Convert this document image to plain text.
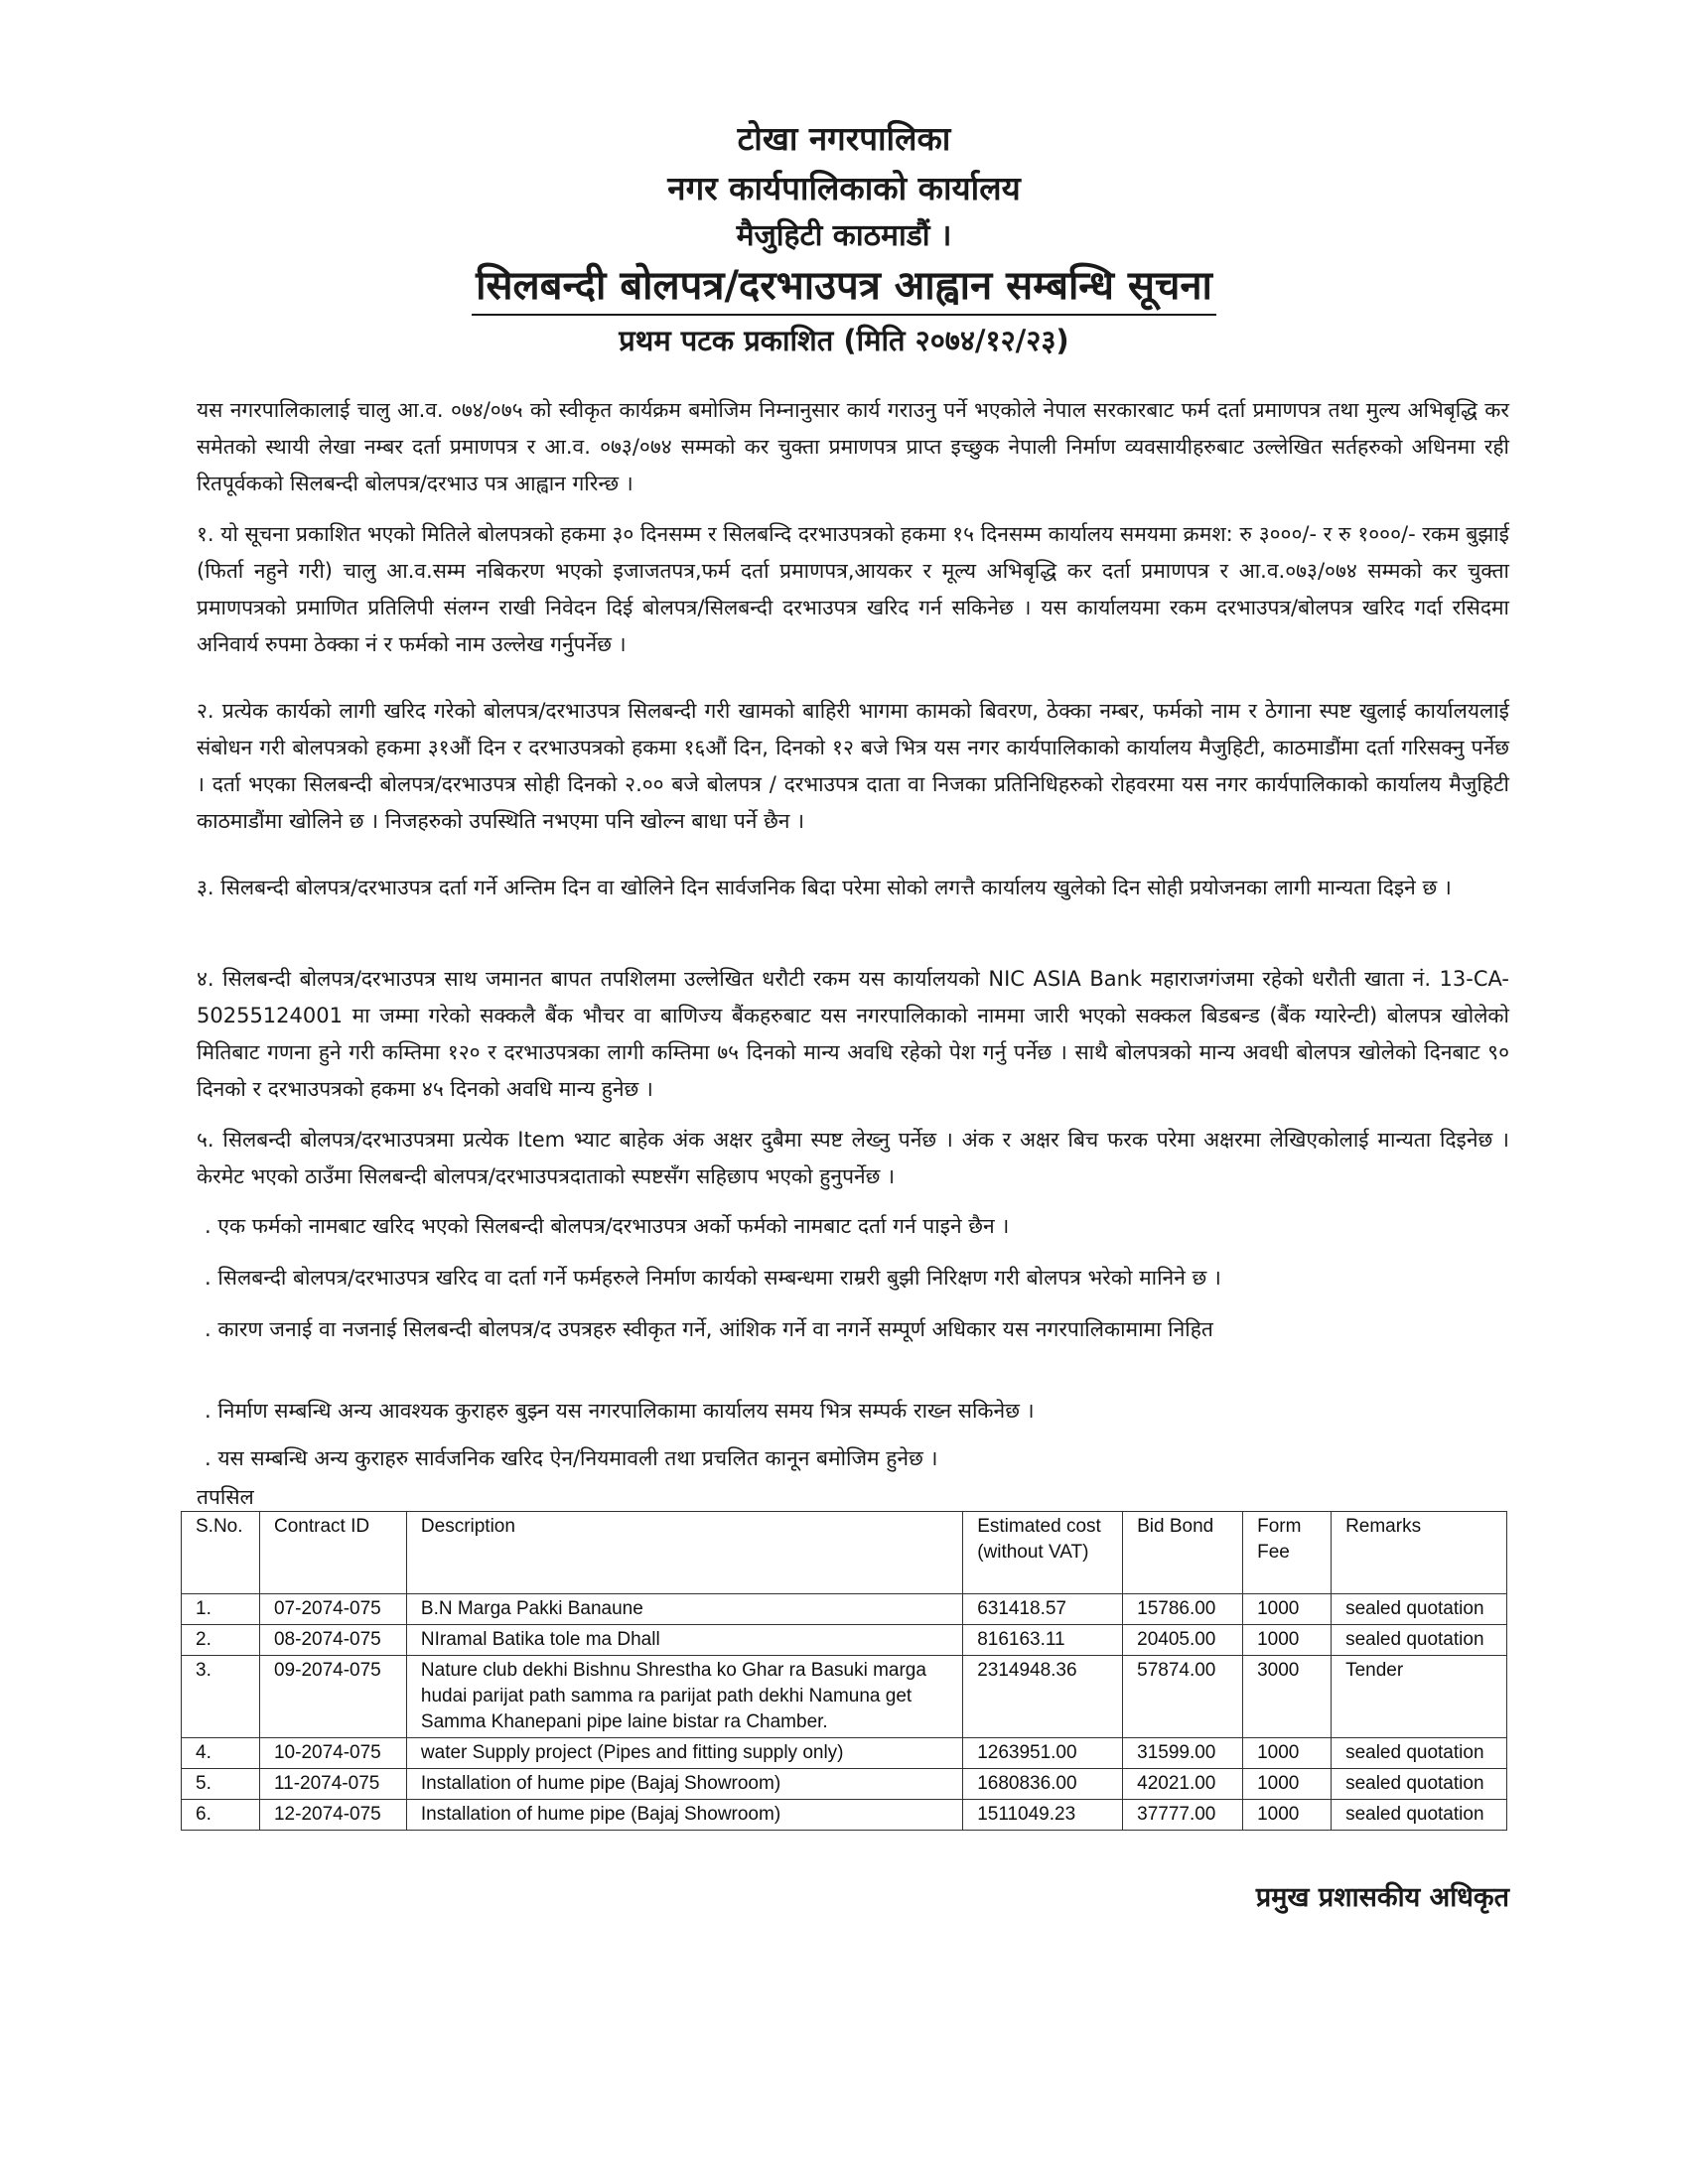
टोखा नगरपालिका
नगर कार्यपालिकाको कार्यालय
मैजुहिटी काठमाडौं ।
सिलबन्दी बोलपत्र/दरभाउपत्र आह्वान सम्बन्धि सूचना
प्रथम पटक प्रकाशित (मिति २०७४/१२/२३)

यस नगरपालिकालाई चालु आ.व. ०७४/०७५ को स्वीकृत कार्यक्रम बमोजिम निम्नानुसार कार्य गराउनु पर्ने भएकोले नेपाल सरकारबाट फर्म दर्ता प्रमाणपत्र तथा मुल्य अभिबृद्धि कर समेतको स्थायी लेखा नम्बर दर्ता प्रमाणपत्र र आ.व. ०७३/०७४ सम्मको कर चुक्ता प्रमाणपत्र प्राप्त इच्छुक नेपाली निर्माण व्यवसायीहरुबाट उल्लेखित सर्तहरुको अधिनमा रही रितपूर्वकको सिलबन्दी बोलपत्र/दरभाउ पत्र आह्वान गरिन्छ ।

१. यो सूचना प्रकाशित भएको मितिले बोलपत्रको हकमा ३० दिनसम्म र सिलबन्दि दरभाउपत्रको हकमा १५ दिनसम्म कार्यालय समयमा क्रमश: रु ३०००/- र रु १०००/- रकम बुझाई (फिर्ता नहुने गरी) चालु आ.व.सम्म नबिकरण भएको इजाजतपत्र,फर्म दर्ता प्रमाणपत्र,आयकर र मूल्य अभिबृद्धि कर दर्ता प्रमाणपत्र र आ.व.०७३/०७४ सम्मको कर चुक्ता प्रमाणपत्रको प्रमाणित प्रतिलिपी संलग्न राखी निवेदन दिई बोलपत्र/सिलबन्दी दरभाउपत्र खरिद गर्न सकिनेछ । यस कार्यालयमा रकम दरभाउपत्र/बोलपत्र खरिद गर्दा रसिदमा अनिवार्य रुपमा ठेक्का नं र फर्मको नाम उल्लेख गर्नुपर्नेछ ।

२. प्रत्येक कार्यको लागी खरिद गरेको बोलपत्र/दरभाउपत्र सिलबन्दी गरी खामको बाहिरी भागमा कामको बिवरण, ठेक्का नम्बर, फर्मको नाम र ठेगाना स्पष्ट खुलाई कार्यालयलाई संबोधन गरी बोलपत्रको हकमा ३१औं दिन र दरभाउपत्रको हकमा १६औं दिन, दिनको १२ बजे भित्र यस नगर कार्यपालिकाको कार्यालय मैजुहिटी, काठमाडौंमा दर्ता गरिसक्नु पर्नेछ । दर्ता भएका सिलबन्दी बोलपत्र/दरभाउपत्र सोही दिनको २.०० बजे बोलपत्र / दरभाउपत्र दाता वा निजका प्रतिनिधिहरुको रोहवरमा यस नगर कार्यपालिकाको कार्यालय मैजुहिटी काठमाडौंमा खोलिने छ । निजहरुको उपस्थिति नभएमा पनि खोल्न बाधा पर्ने छैन ।

३. सिलबन्दी बोलपत्र/दरभाउपत्र दर्ता गर्ने अन्तिम दिन वा खोलिने दिन सार्वजनिक बिदा परेमा सोको लगत्तै कार्यालय खुलेको दिन सोही प्रयोजनका लागी मान्यता दिइने छ ।

४. सिलबन्दी बोलपत्र/दरभाउपत्र साथ जमानत बापत तपशिलमा उल्लेखित धरौटी रकम यस कार्यालयको NIC ASIA Bank महाराजगंजमा रहेको धरौती खाता नं. 13-CA-50255124001 मा जम्मा गरेको सक्कलै बैंक भौचर वा बाणिज्य बैंकहरुबाट यस नगरपालिकाको नाममा जारी भएको सक्कल बिडबन्ड (बैंक ग्यारेन्टी) बोलपत्र खोलेको मितिबाट गणना हुने गरी कम्तिमा १२० र दरभाउपत्रका लागी कम्तिमा ७५ दिनको मान्य अवधि रहेको पेश गर्नु पर्नेछ । साथै बोलपत्रको मान्य अवधी बोलपत्र खोलेको दिनबाट ९० दिनको र दरभाउपत्रको हकमा ४५ दिनको अवधि मान्य हुनेछ ।

५. सिलबन्दी बोलपत्र/दरभाउपत्रमा प्रत्येक Item भ्याट बाहेक अंक अक्षर दुबैमा स्पष्ट लेख्नु पर्नेछ । अंक र अक्षर बिच फरक परेमा अक्षरमा लेखिएकोलाई मान्यता दिइनेछ । केरमेट भएको ठाउँमा सिलबन्दी बोलपत्र/दरभाउपत्रदाताको स्पष्टसँग सहिछाप भएको हुनुपर्नेछ ।

. एक फर्मको नामबाट खरिद भएको सिलबन्दी बोलपत्र/दरभाउपत्र अर्को फर्मको नामबाट दर्ता गर्न पाइने छैन ।

. सिलबन्दी बोलपत्र/दरभाउपत्र खरिद वा दर्ता गर्ने फर्महरुले निर्माण कार्यको सम्बन्धमा राम्ररी बुझी निरिक्षण गरी बोलपत्र भरेको मानिने छ ।

. कारण जनाई वा नजनाई सिलबन्दी बोलपत्र/द उपत्रहरु स्वीकृत गर्ने, आंशिक गर्ने वा नगर्ने सम्पूर्ण अधिकार यस नगरपालिकामामा निहित

. निर्माण सम्बन्धि अन्य आवश्यक कुराहरु बुझ्न यस नगरपालिकामा कार्यालय समय भित्र सम्पर्क राख्न सकिनेछ ।

. यस सम्बन्धि अन्य कुराहरु सार्वजनिक खरिद ऐन/नियमावली तथा प्रचलित कानून बमोजिम हुनेछ ।

तपसिल
S.No.	Contract ID	Description	Estimated cost (without VAT)	Bid Bond	Form Fee	Remarks
1.	07-2074-075	B.N Marga Pakki Banaune	631418.57	15786.00	1000	sealed quotation
2.	08-2074-075	NIramal Batika tole ma Dhall	816163.11	20405.00	1000	sealed quotation
3.	09-2074-075	Nature club dekhi Bishnu Shrestha ko Ghar ra Basuki marga hudai parijat path samma ra parijat path dekhi Namuna get Samma Khanepani pipe laine bistar ra Chamber.	2314948.36	57874.00	3000	Tender
4.	10-2074-075	water Supply project (Pipes and fitting supply only)	1263951.00	31599.00	1000	sealed quotation
5.	11-2074-075	Installation of hume pipe (Bajaj Showroom)	1680836.00	42021.00	1000	sealed quotation
6.	12-2074-075	Installation of hume pipe (Bajaj Showroom)	1511049.23	37777.00	1000	sealed quotation
प्रमुख प्रशासकीय अधिकृत
